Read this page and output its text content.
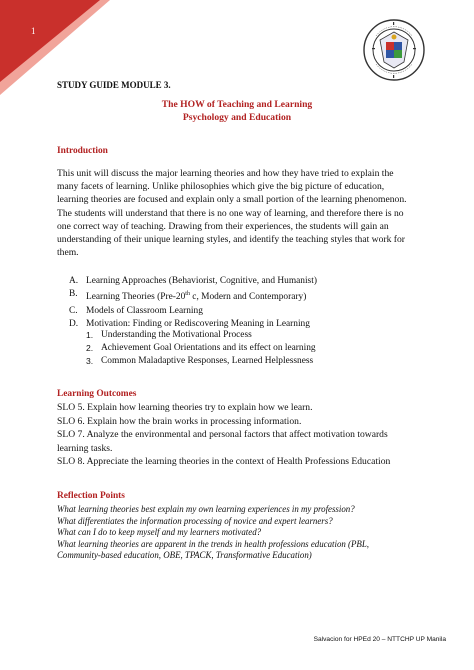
1
STUDY GUIDE MODULE 3.
The HOW of Teaching and Learning
Psychology and Education
Introduction
This unit will discuss the major learning theories and how they have tried to explain the many facets of learning. Unlike philosophies which give the big picture of education, learning theories are focused and explain only a small portion of the learning phenomenon. The students will understand that there is no one way of learning, and therefore there is no one correct way of teaching. Drawing from their experiences, the students will gain an understanding of their unique learning styles, and identify the teaching styles that work for them.
A. Learning Approaches (Behaviorist, Cognitive, and Humanist)
B. Learning Theories (Pre-20th c, Modern and Contemporary)
C. Models of Classroom Learning
D. Motivation: Finding or Rediscovering Meaning in Learning
1. Understanding the Motivational Process
2. Achievement Goal Orientations and its effect on learning
3. Common Maladaptive Responses, Learned Helplessness
Learning Outcomes
SLO 5. Explain how learning theories try to explain how we learn.
SLO 6. Explain how the brain works in processing information.
SLO 7. Analyze the environmental and personal factors that affect motivation towards learning tasks.
SLO 8. Appreciate the learning theories in the context of Health Professions Education
Reflection Points
What learning theories best explain my own learning experiences in my profession?
What differentiates the information processing of novice and expert learners?
What can I do to keep myself and my learners motivated?
What learning theories are apparent in the trends in health professions education (PBL, Community-based education, OBE, TPACK, Transformative Education)
Salvacion for HPEd 20 – NTTCHP UP Manila
